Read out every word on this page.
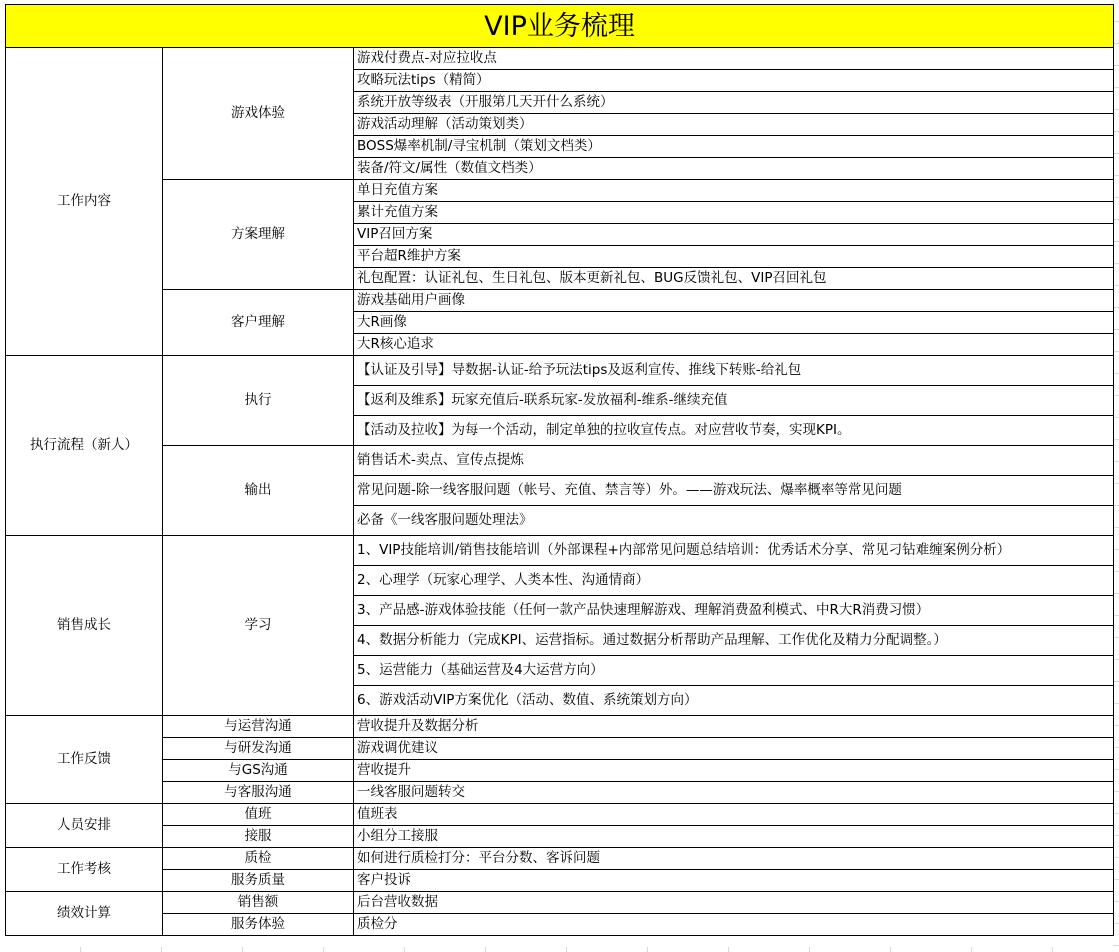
VIP业务梳理		
工作内容	游戏体验	游戏付费点-对应拉收点
		攻略玩法tips（精简）
		系统开放等级表（开服第几天开什么系统）
		游戏活动理解（活动策划类）
		BOSS爆率机制/寻宝机制（策划文档类）
		装备/符文/属性（数值文档类）
	方案理解	单日充值方案
		累计充值方案
		VIP召回方案
		平台超R维护方案
		礼包配置：认证礼包、生日礼包、版本更新礼包、BUG反馈礼包、VIP召回礼包
	客户理解	游戏基础用户画像
		大R画像
		大R核心追求
执行流程（新人）	执行	【认证及引导】导数据-认证-给予玩法tips及返利宣传、推线下转账-给礼包
		【返利及维系】玩家充值后-联系玩家-发放福利-维系-继续充值
		【活动及拉收】为每一个活动，制定单独的拉收宣传点。对应营收节奏，实现KPI。
	输出	销售话术-卖点、宣传点提炼
		常见问题-除一线客服问题（帐号、充值、禁言等）外。——游戏玩法、爆率概率等常见问题
		必备《一线客服问题处理法》
销售成长	学习	1、VIP技能培训/销售技能培训（外部课程+内部常见问题总结培训：优秀话术分享、常见刁钻难缠案例分析）
		2、心理学（玩家心理学、人类本性、沟通情商）
		3、产品感-游戏体验技能（任何一款产品快速理解游戏、理解消费盈利模式、中R大R消费习惯）
		4、数据分析能力（完成KPI、运营指标。通过数据分析帮助产品理解、工作优化及精力分配调整。）
		5、运营能力（基础运营及4大运营方向）
		6、游戏活动VIP方案优化（活动、数值、系统策划方向）
工作反馈	与运营沟通	营收提升及数据分析
	与研发沟通	游戏调优建议
	与GS沟通	营收提升
	与客服沟通	一线客服问题转交
人员安排	值班	值班表
	接服	小组分工接服
工作考核	质检	如何进行质检打分：平台分数、客诉问题
	服务质量	客户投诉
绩效计算	销售额	后台营收数据
	服务体验	质检分
